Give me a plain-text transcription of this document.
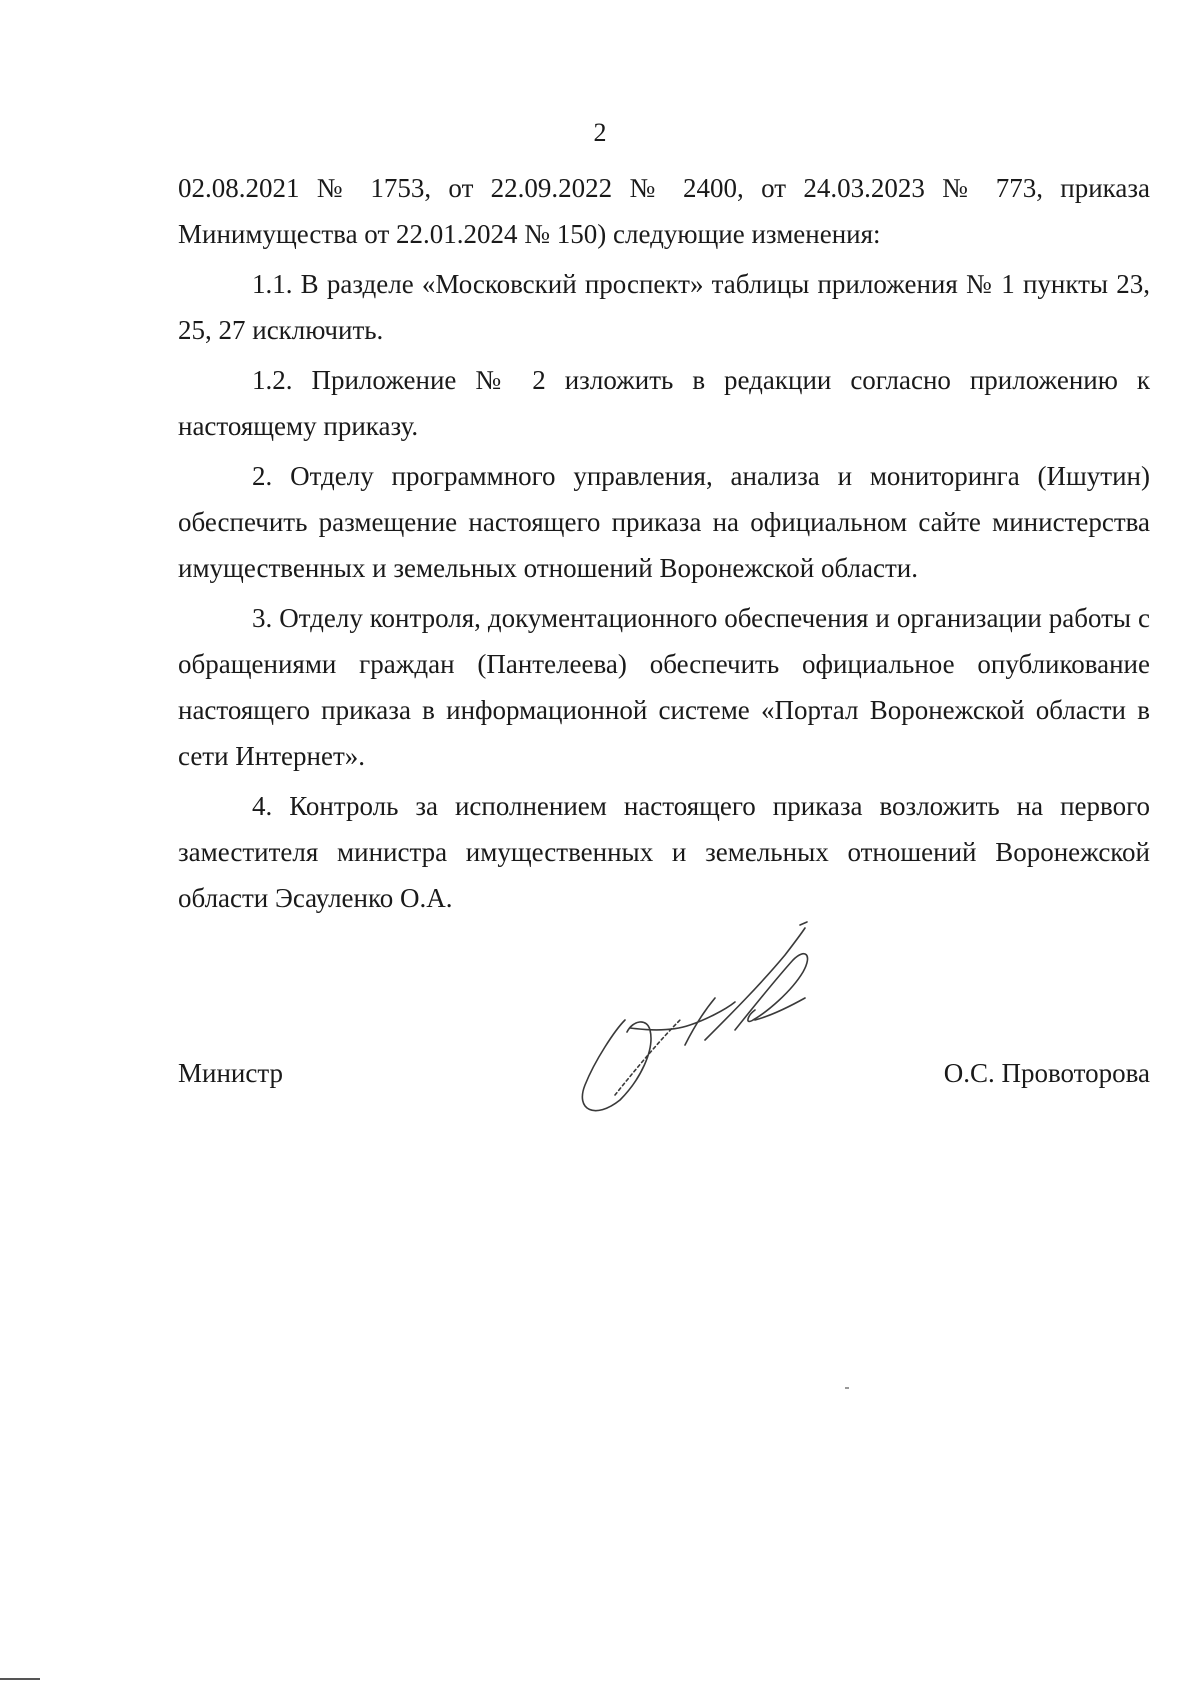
2

02.08.2021 № 1753, от 22.09.2022 № 2400, от 24.03.2023 № 773, приказа Минимущества от 22.01.2024 № 150) следующие изменения:

1.1. В разделе «Московский проспект» таблицы приложения № 1 пункты 23, 25, 27 исключить.

1.2. Приложение № 2 изложить в редакции согласно приложению к настоящему приказу.

2. Отделу программного управления, анализа и мониторинга (Ишутин) обеспечить размещение настоящего приказа на официальном сайте министерства имущественных и земельных отношений Воронежской области.

3. Отделу контроля, документационного обеспечения и организации работы с обращениями граждан (Пантелеева) обеспечить официальное опубликование настоящего приказа в информационной системе «Портал Воронежской области в сети Интернет».

4. Контроль за исполнением настоящего приказа возложить на первого заместителя министра имущественных и земельных отношений Воронежской области Эсауленко О.А.

Министр	О.С. Провоторова
